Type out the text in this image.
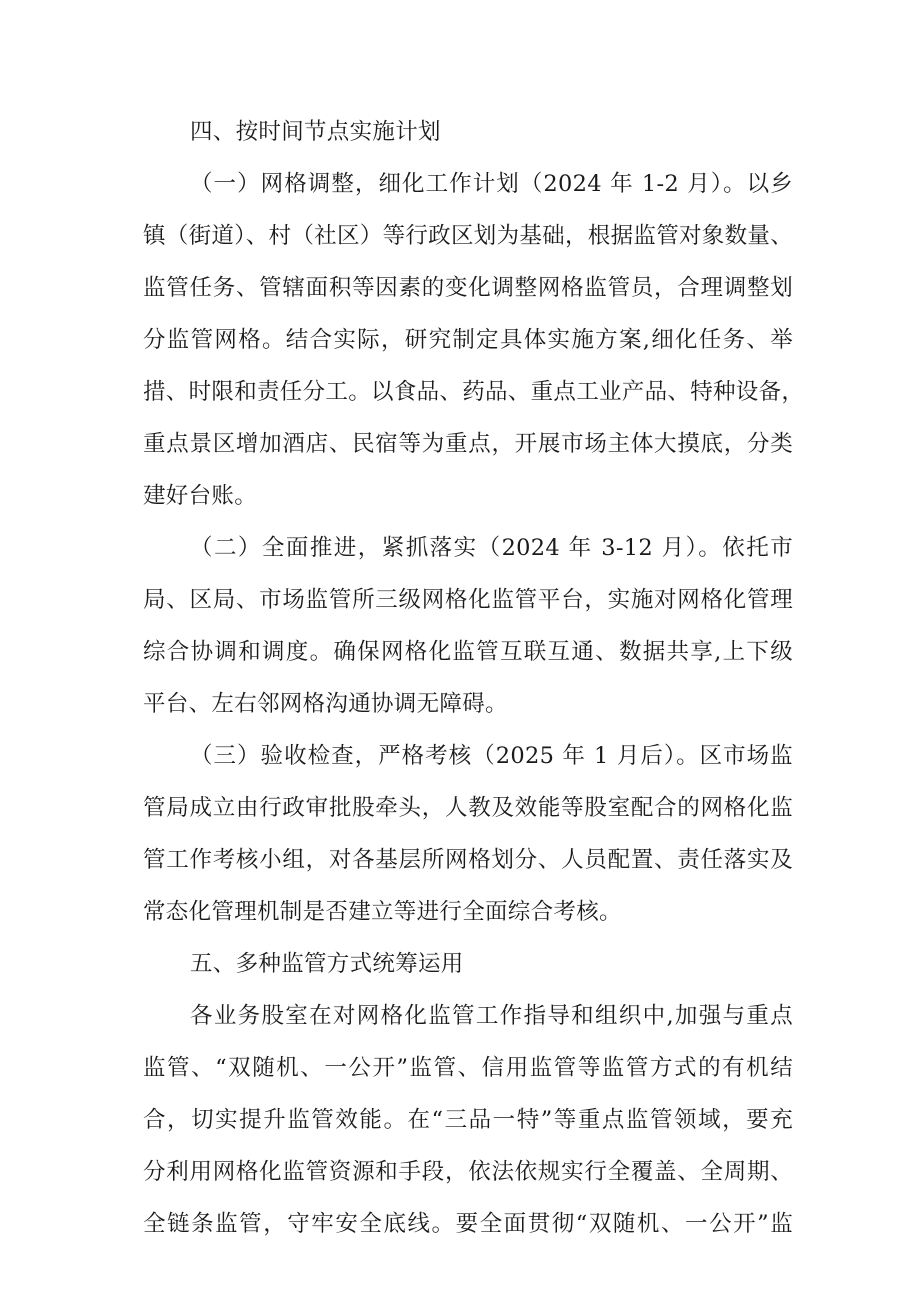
四、按时间节点实施计划
（一）网格调整，细化工作计划（2024 年 1-2 月）。以乡
镇（街道）、村（社区）等行政区划为基础，根据监管对象数量、
监管任务、管辖面积等因素的变化调整网格监管员，合理调整划
分监管网格。结合实际，研究制定具体实施方案,细化任务、举
措、时限和责任分工。以食品、药品、重点工业产品、特种设备，
重点景区增加酒店、民宿等为重点，开展市场主体大摸底，分类
建好台账。
（二）全面推进，紧抓落实（2024 年 3-12 月）。依托市
局、区局、市场监管所三级网格化监管平台，实施对网格化管理
综合协调和调度。确保网格化监管互联互通、数据共享,上下级
平台、左右邻网格沟通协调无障碍。
（三）验收检查，严格考核（2025 年 1 月后）。区市场监
管局成立由行政审批股牵头，人教及效能等股室配合的网格化监
管工作考核小组，对各基层所网格划分、人员配置、责任落实及
常态化管理机制是否建立等进行全面综合考核。
五、多种监管方式统筹运用
各业务股室在对网格化监管工作指导和组织中,加强与重点
监管、“双随机、一公开”监管、信用监管等监管方式的有机结
合，切实提升监管效能。在“三品一特”等重点监管领域，要充
分利用网格化监管资源和手段，依法依规实行全覆盖、全周期、
全链条监管，守牢安全底线。要全面贯彻“双随机、一公开”监
